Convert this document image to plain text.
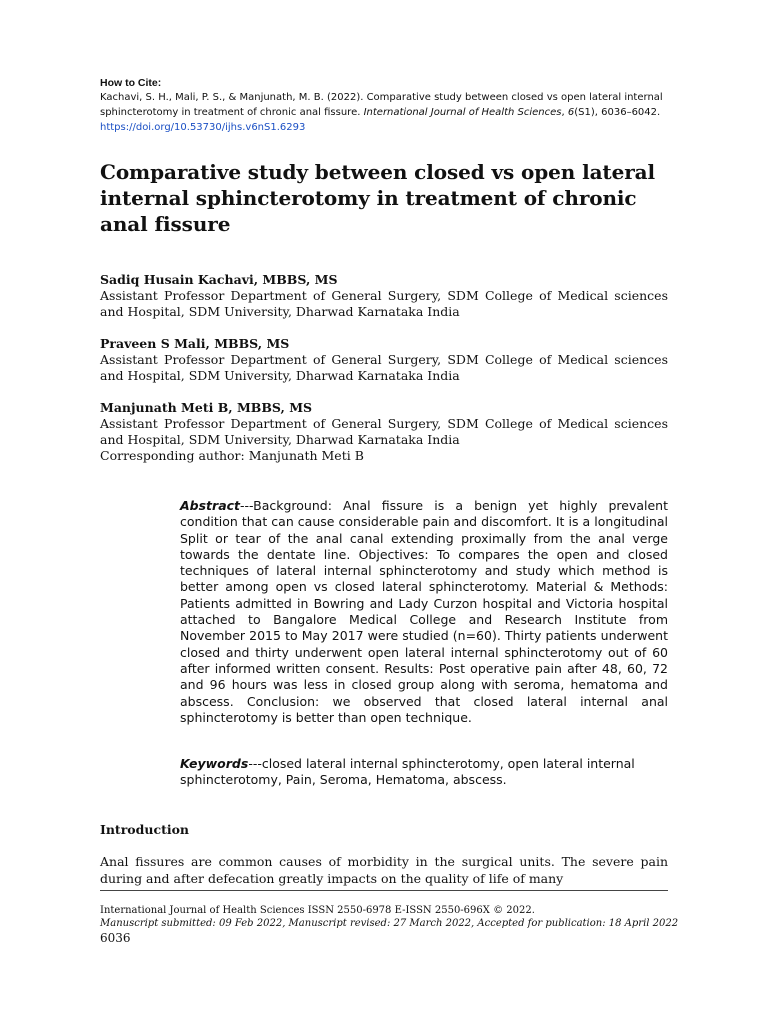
How to Cite:

Kachavi, S. H., Mali, P. S., & Manjunath, M. B. (2022). Comparative study between closed vs open lateral internal sphincterotomy in treatment of chronic anal fissure. International Journal of Health Sciences, 6(S1), 6036–6042. https://doi.org/10.53730/ijhs.v6nS1.6293

Comparative study between closed vs open lateral internal sphincterotomy in treatment of chronic anal fissure

Sadiq Husain Kachavi, MBBS, MS

Assistant Professor Department of General Surgery, SDM College of Medical sciences and Hospital, SDM University, Dharwad Karnataka India

Praveen S Mali, MBBS, MS

Assistant Professor Department of General Surgery, SDM College of Medical sciences and Hospital, SDM University, Dharwad Karnataka India

Manjunath Meti B, MBBS, MS

Assistant Professor Department of General Surgery, SDM College of Medical sciences and Hospital, SDM University, Dharwad Karnataka India

Corresponding author: Manjunath Meti B

Abstract---Background: Anal fissure is a benign yet highly prevalent condition that can cause considerable pain and discomfort. It is a longitudinal Split or tear of the anal canal extending proximally from the anal verge towards the dentate line. Objectives: To compares the open and closed techniques of lateral internal sphincterotomy and study which method is better among open vs closed lateral sphincterotomy. Material & Methods: Patients admitted in Bowring and Lady Curzon hospital and Victoria hospital attached to Bangalore Medical College and Research Institute from November 2015 to May 2017 were studied (n=60). Thirty patients underwent closed and thirty underwent open lateral internal sphincterotomy out of 60 after informed written consent. Results: Post operative pain after 48, 60, 72 and 96 hours was less in closed group along with seroma, hematoma and abscess. Conclusion: we observed that closed lateral internal anal sphincterotomy is better than open technique.

Keywords---closed lateral internal sphincterotomy, open lateral internal sphincterotomy, Pain, Seroma, Hematoma, abscess.

Introduction

Anal fissures are common causes of morbidity in the surgical units. The severe pain during and after defecation greatly impacts on the quality of life of many

International Journal of Health Sciences ISSN 2550-6978 E-ISSN 2550-696X © 2022.

Manuscript submitted: 09 Feb 2022, Manuscript revised: 27 March 2022, Accepted for publication: 18 April 2022

6036
